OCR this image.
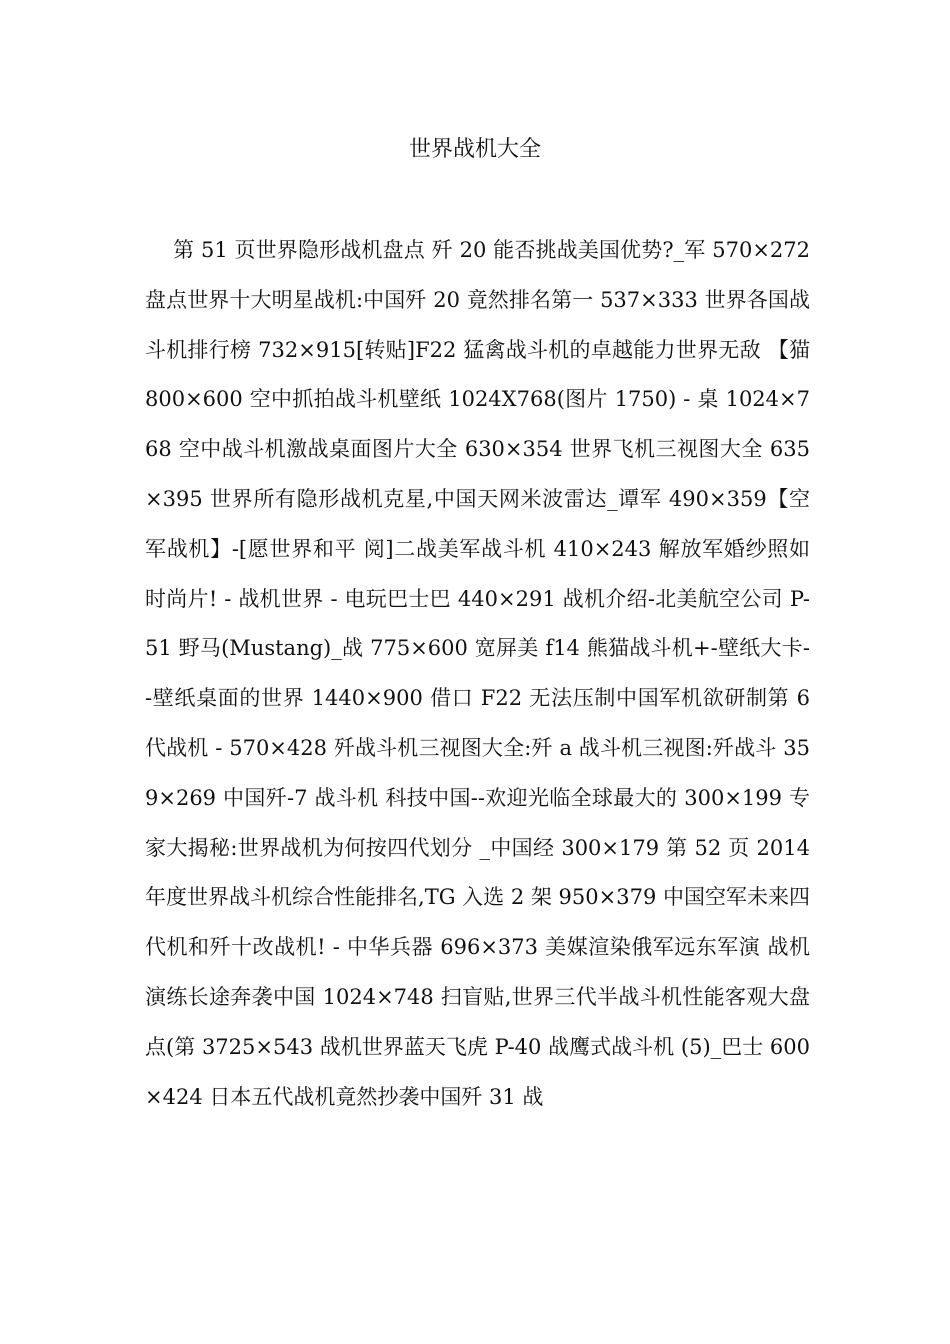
世界战机大全

第 51 页世界隐形战机盘点 歼 20 能否挑战美国优势?_军 570×272 盘点世界十大明星战机:中国歼 20 竟然排名第一 537×333 世界各国战斗机排行榜 732×915[转贴]F22 猛禽战斗机的卓越能力世界无敌 【猫 800×600 空中抓拍战斗机壁纸 1024X768(图片 1750) - 桌 1024×768 空中战斗机激战桌面图片大全 630×354 世界飞机三视图大全 635×395 世界所有隐形战机克星,中国天网米波雷达_谭军 490×359【空军战机】-[愿世界和平 阅]二战美军战斗机 410×243 解放军婚纱照如时尚片! - 战机世界 - 电玩巴士巴 440×291 战机介绍-北美航空公司 P-51 野马(Mustang)_战 775×600 宽屏美 f14 熊猫战斗机+-壁纸大卡--壁纸桌面的世界 1440×900 借口 F22 无法压制中国军机欲研制第 6 代战机 - 570×428 歼战斗机三视图大全:歼 a 战斗机三视图:歼战斗 359×269 中国歼-7 战斗机 科技中国--欢迎光临全球最大的 300×199 专家大揭秘:世界战机为何按四代划分 _中国经 300×179 第 52 页 2014 年度世界战斗机综合性能排名,TG 入选 2 架 950×379 中国空军未来四代机和歼十改战机! - 中华兵器 696×373 美媒渲染俄军远东军演 战机演练长途奔袭中国 1024×748 扫盲贴,世界三代半战斗机性能客观大盘点(第 3725×543 战机世界蓝天飞虎 P-40 战鹰式战斗机 (5)_巴士 600×424 日本五代战机竟然抄袭中国歼 31 战
